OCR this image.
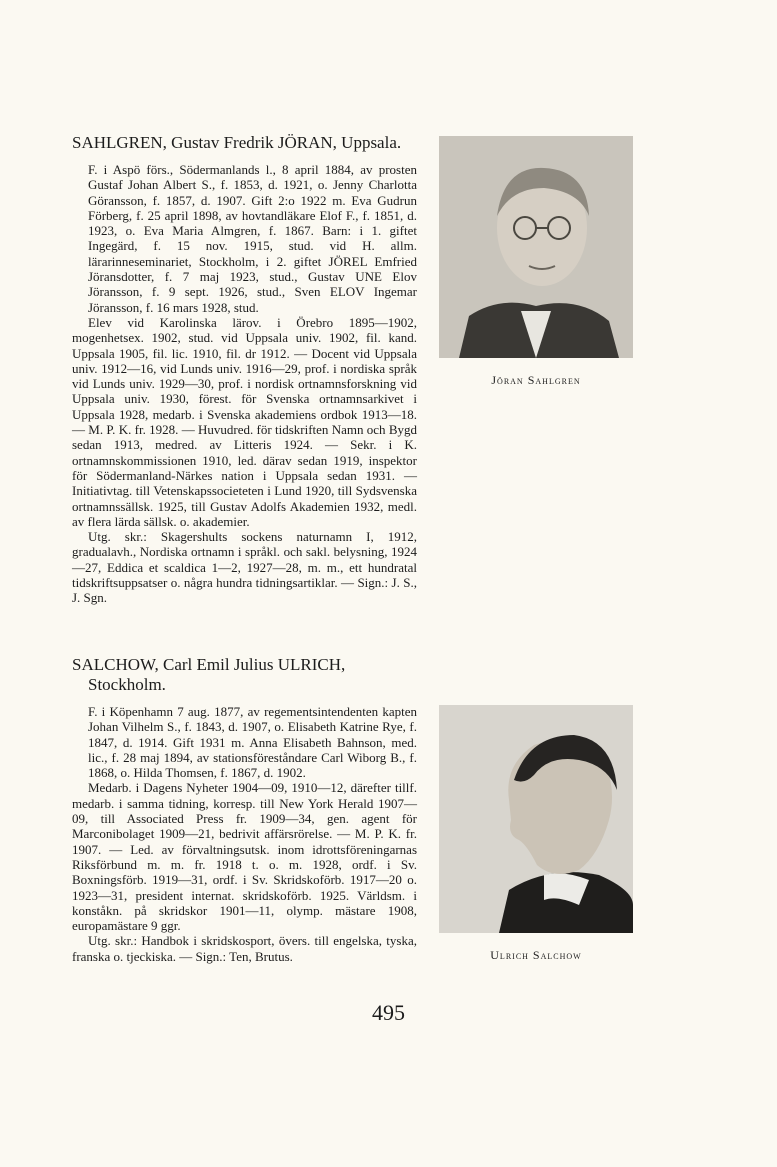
SAHLGREN, Gustav Fredrik JÖRAN, Uppsala.

F. i Aspö förs., Södermanlands l., 8 april 1884, av prosten Gustaf Johan Albert S., f. 1853, d. 1921, o. Jenny Charlotta Göransson, f. 1857, d. 1907. Gift 2:o 1922 m. Eva Gudrun Förberg, f. 25 april 1898, av hovtandläkare Elof F., f. 1851, d. 1923, o. Eva Maria Almgren, f. 1867. Barn: i 1. giftet Ingegärd, f. 15 nov. 1915, stud. vid H. allm. lärarinneseminariet, Stockholm, i 2. giftet JÖREL Emfried Jöransdotter, f. 7 maj 1923, stud., Gustav UNE Elov Jöransson, f. 9 sept. 1926, stud., Sven ELOV Ingemar Jöransson, f. 16 mars 1928, stud.

Elev vid Karolinska lärov. i Örebro 1895—1902, mogenhetsex. 1902, stud. vid Uppsala univ. 1902, fil. kand. Uppsala 1905, fil. lic. 1910, fil. dr 1912. — Docent vid Uppsala univ. 1912—16, vid Lunds univ. 1916—29, prof. i nordiska språk vid Lunds univ. 1929—30, prof. i nordisk ortnamnsforskning vid Uppsala univ. 1930, förest. för Svenska ortnamnsarkivet i Uppsala 1928, medarb. i Svenska akademiens ordbok 1913—18. — M. P. K. fr. 1928. — Huvudred. för tidskriften Namn och Bygd sedan 1913, medred. av Litteris 1924. — Sekr. i K. ortnamnskommissionen 1910, led. därav sedan 1919, inspektor för Södermanland-Närkes nation i Uppsala sedan 1931. — Initiativtag. till Vetenskapssocieteten i Lund 1920, till Sydsvenska ortnamnssällsk. 1925, till Gustav Adolfs Akademien 1932, medl. av flera lärda sällsk. o. akademier.

Utg. skr.: Skagershults sockens naturnamn I, 1912, gradualavh., Nordiska ortnamn i språkl. och sakl. belysning, 1924—27, Eddica et scaldica 1—2, 1927—28, m. m., ett hundratal tidskriftsuppsatser o. några hundra tidningsartiklar. — Sign.: J. S., J. Sgn.

Jöran Sahlgren
SALCHOW, Carl Emil Julius ULRICH, Stockholm.

F. i Köpenhamn 7 aug. 1877, av regementsintendenten kapten Johan Vilhelm S., f. 1843, d. 1907, o. Elisabeth Katrine Rye, f. 1847, d. 1914. Gift 1931 m. Anna Elisabeth Bahnson, med. lic., f. 28 maj 1894, av stationsföreståndare Carl Wiborg B., f. 1868, o. Hilda Thomsen, f. 1867, d. 1902.

Medarb. i Dagens Nyheter 1904—09, 1910—12, därefter tillf. medarb. i samma tidning, korresp. till New York Herald 1907—09, till Associated Press fr. 1909—34, gen. agent för Marconibolaget 1909—21, bedrivit affärsrörelse. — M. P. K. fr. 1907. — Led. av förvaltningsutsk. inom idrottsföreningarnas Riksförbund m. m. fr. 1918 t. o. m. 1928, ordf. i Sv. Boxningsförb. 1919—31, ordf. i Sv. Skridskoförb. 1917—20 o. 1923—31, president internat. skridskoförb. 1925. Världsm. i konståkn. på skridskor 1901—11, olymp. mästare 1908, europamästare 9 ggr.

Utg. skr.: Handbok i skridskosport, övers. till engelska, tyska, franska o. tjeckiska. — Sign.: Ten, Brutus.	Ulrich Salchow
495
